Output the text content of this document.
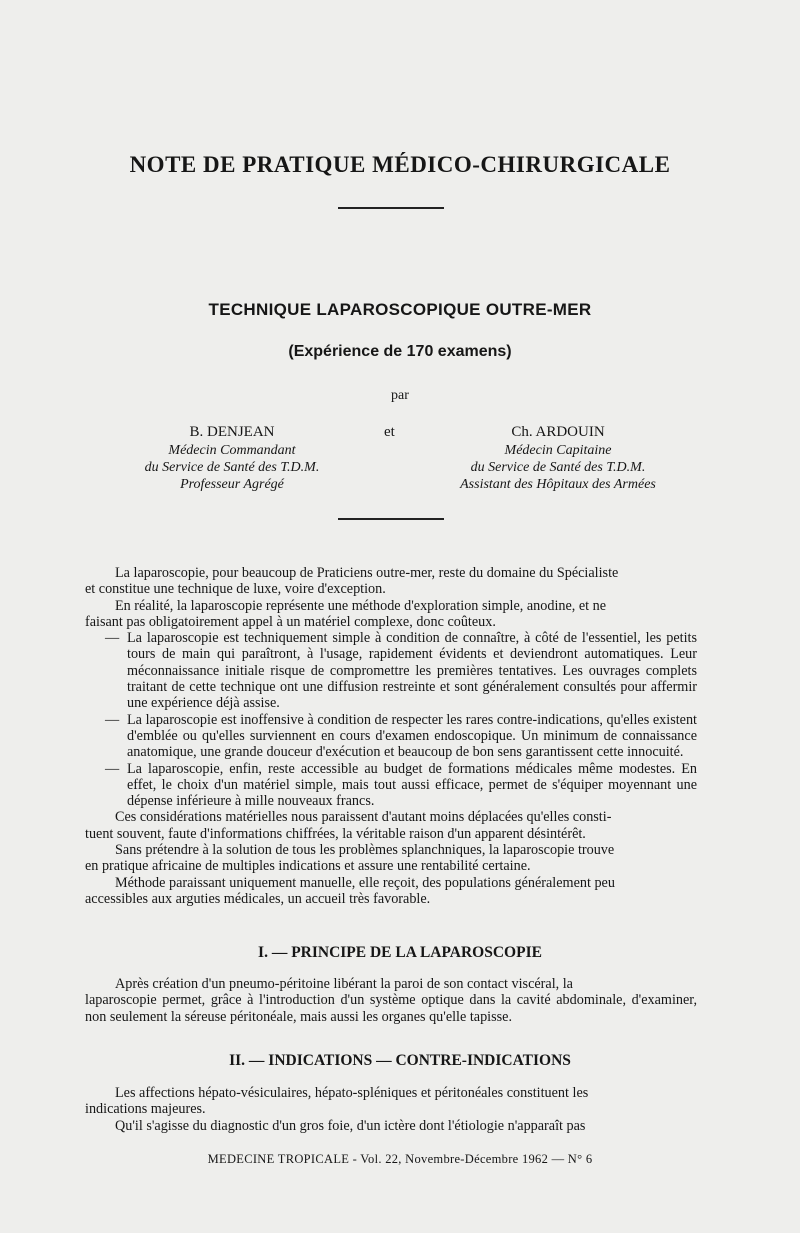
NOTE DE PRATIQUE MÉDICO-CHIRURGICALE
TECHNIQUE LAPAROSCOPIQUE OUTRE-MER
(Expérience de 170 examens)
par
B. DENJEAN
Médecin Commandant
du Service de Santé des T.D.M.
Professeur Agrégé
et	Ch. ARDOUIN
Médecin Capitaine
du Service de Santé des T.D.M.
Assistant des Hôpitaux des Armées

La laparoscopie, pour beaucoup de Praticiens outre-mer, reste du domaine du Spécialiste

et constitue une technique de luxe, voire d'exception.

En réalité, la laparoscopie représente une méthode d'exploration simple, anodine, et ne

faisant pas obligatoirement appel à un matériel complexe, donc coûteux.

— La laparoscopie est techniquement simple à condition de connaître, à côté de l'essentiel, les petits tours de main qui paraîtront, à l'usage, rapidement évidents et deviendront automatiques. Leur méconnaissance initiale risque de compromettre les premières tentatives. Les ouvrages complets traitant de cette technique ont une diffusion restreinte et sont généralement consultés pour affermir une expérience déjà assise.
— La laparoscopie est inoffensive à condition de respecter les rares contre-indications, qu'elles existent d'emblée ou qu'elles surviennent en cours d'examen endoscopique. Un minimum de connaissance anatomique, une grande douceur d'exécution et beaucoup de bon sens garantissent cette innocuité.
— La laparoscopie, enfin, reste accessible au budget de formations médicales même modestes. En effet, le choix d'un matériel simple, mais tout aussi efficace, permet de s'équiper moyennant une dépense inférieure à mille nouveaux francs.

Ces considérations matérielles nous paraissent d'autant moins déplacées qu'elles consti-

tuent souvent, faute d'informations chiffrées, la véritable raison d'un apparent désintérêt.

Sans prétendre à la solution de tous les problèmes splanchniques, la laparoscopie trouve

en pratique africaine de multiples indications et assure une rentabilité certaine.

Méthode paraissant uniquement manuelle, elle reçoit, des populations généralement peu

accessibles aux arguties médicales, un accueil très favorable.

I. — PRINCIPE DE LA LAPAROSCOPIE

Après création d'un pneumo-péritoine libérant la paroi de son contact viscéral, la

laparoscopie permet, grâce à l'introduction d'un système optique dans la cavité abdominale, d'examiner, non seulement la séreuse péritonéale, mais aussi les organes qu'elle tapisse.

II. — INDICATIONS — CONTRE-INDICATIONS

Les affections hépato-vésiculaires, hépato-spléniques et péritonéales constituent les

indications majeures.

Qu'il s'agisse du diagnostic d'un gros foie, d'un ictère dont l'étiologie n'apparaît pas

MEDECINE TROPICALE - Vol. 22, Novembre-Décembre 1962 — N° 6
